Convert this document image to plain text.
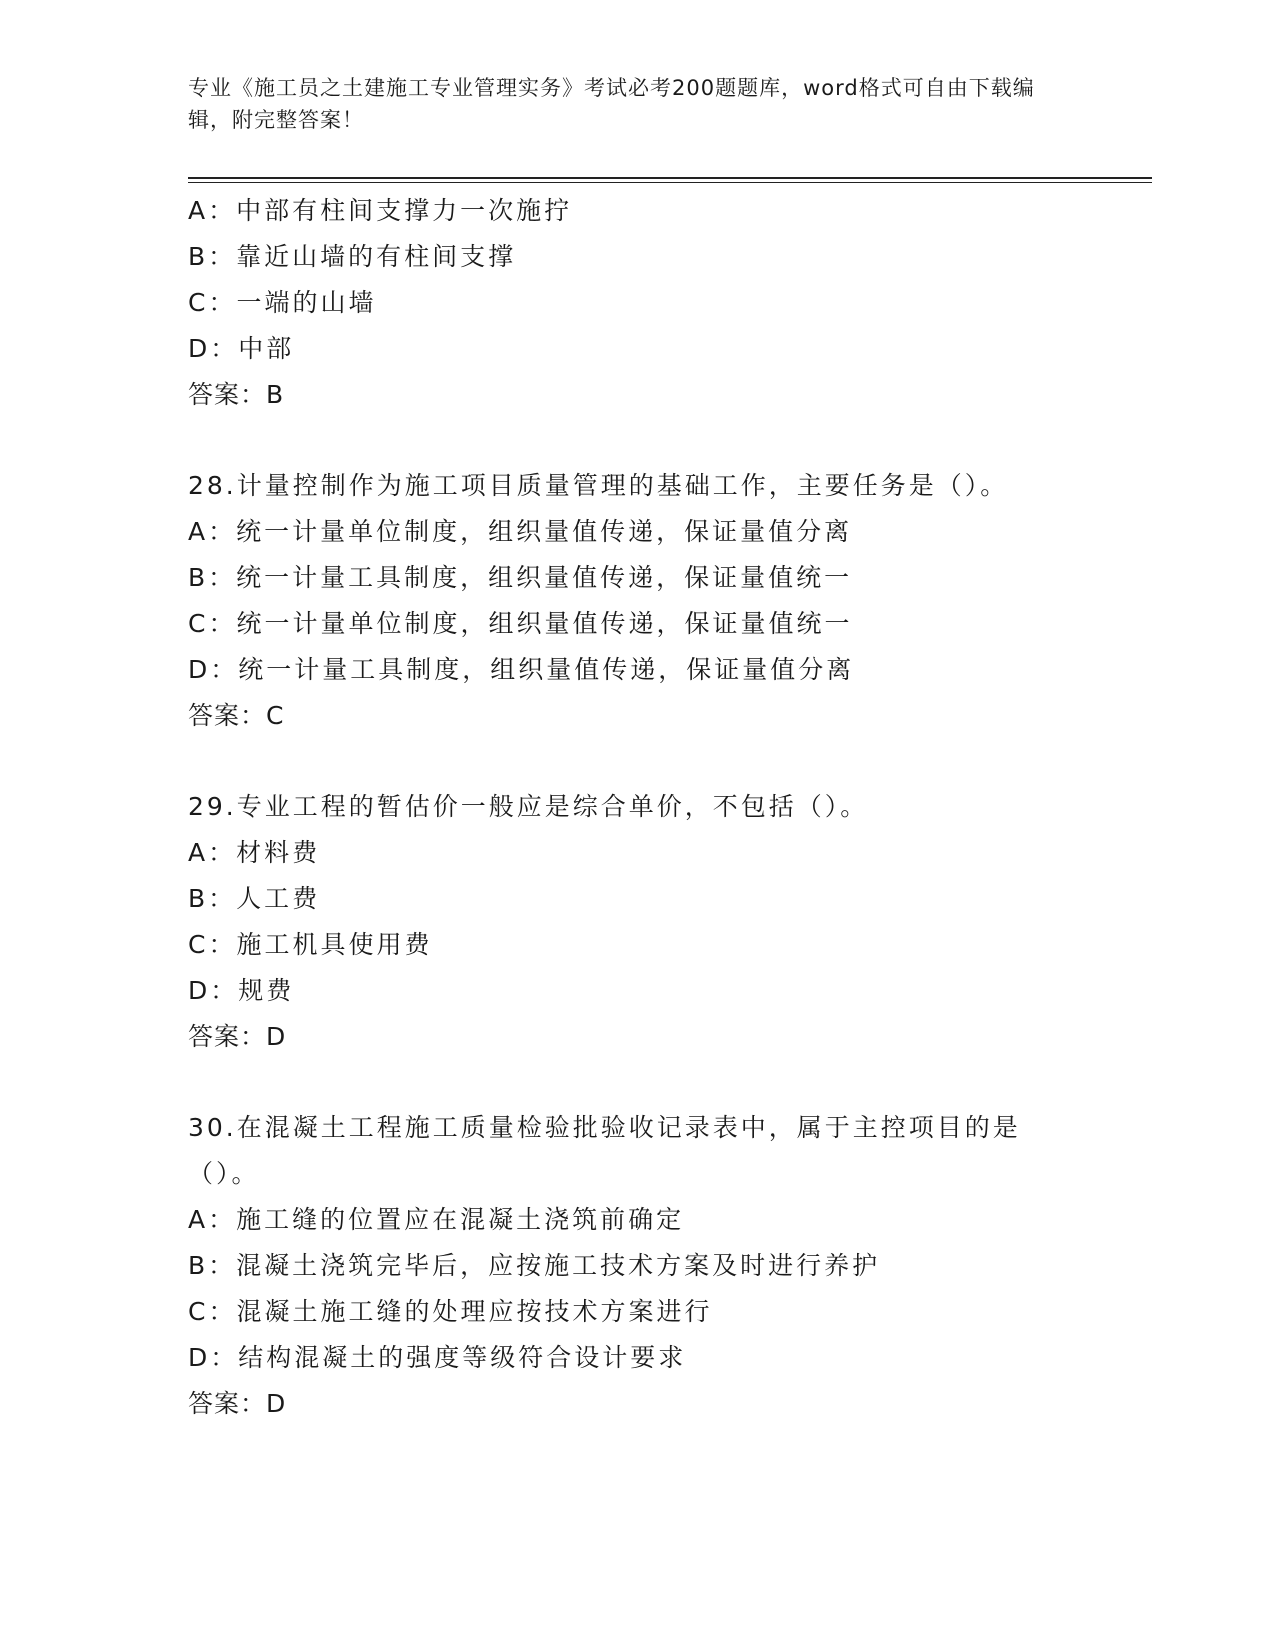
专业《施工员之土建施工专业管理实务》考试必考200题题库，word格式可自由下载编辑，附完整答案！
A：中部有柱间支撑力一次施拧
B：靠近山墙的有柱间支撑
C：一端的山墙
D：中部
答案：B
28.计量控制作为施工项目质量管理的基础工作，主要任务是（）。
A：统一计量单位制度，组织量值传递，保证量值分离
B：统一计量工具制度，组织量值传递，保证量值统一
C：统一计量单位制度，组织量值传递，保证量值统一
D：统一计量工具制度，组织量值传递，保证量值分离
答案：C
29.专业工程的暂估价一般应是综合单价，不包括（）。
A：材料费
B：人工费
C：施工机具使用费
D：规费
答案：D
30.在混凝土工程施工质量检验批验收记录表中，属于主控项目的是（）。
A：施工缝的位置应在混凝土浇筑前确定
B：混凝土浇筑完毕后，应按施工技术方案及时进行养护
C：混凝土施工缝的处理应按技术方案进行
D：结构混凝土的强度等级符合设计要求
答案：D
